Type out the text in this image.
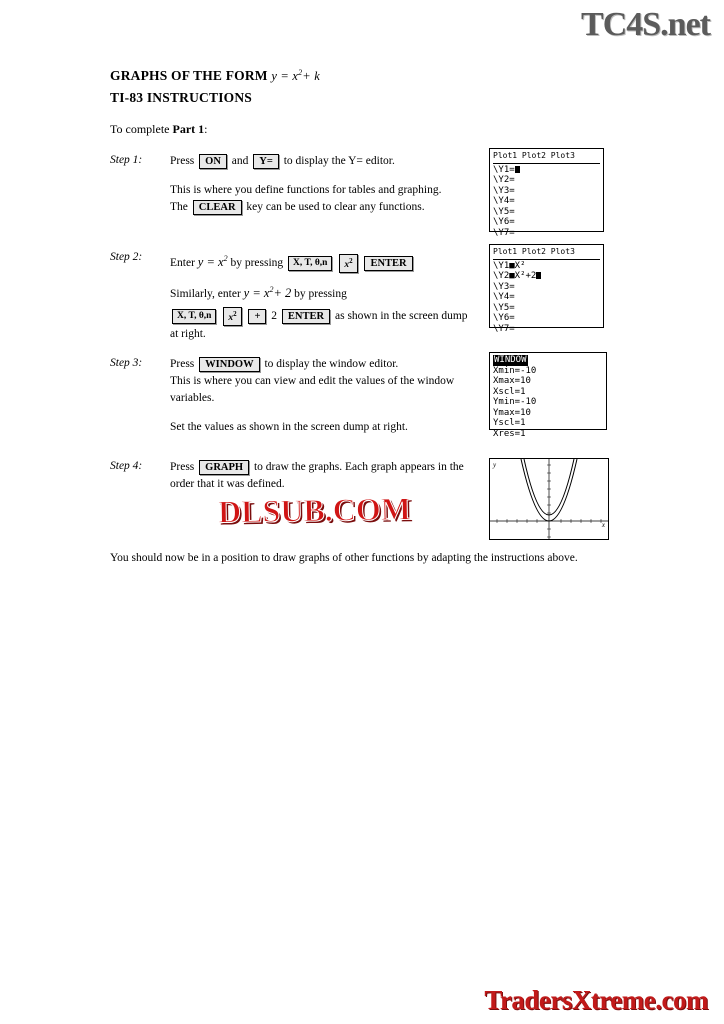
TC4S.net
GRAPHS OF THE FORM $y = x^2+ k$
TI-83 INSTRUCTIONS
To complete Part 1:
Step 1: Press ON and Y= to display the Y= editor.
This is where you define functions for tables and graphing.
The CLEAR key can be used to clear any functions.
Plot1 Plot2 Plot3
\Y1=
\Y2=
\Y3=
\Y4=
\Y5=
\Y6=
\Y7=
Step 2:
Enter $y = x^2$ by pressing X, T, θ,n $x^2$ ENTER
Similarly, enter $y = x^2+ 2$ by pressing
X, T, θ,n $x^2 + 2$ ENTER as shown in the screen dump
at right.
Plot1 Plot2 Plot3
\Y1■X²
\Y2■X²+2
\Y3=
\Y4=
\Y5=
\Y6=
\Y7=
Step 3: Press WINDOW to display the window editor.
This is where you can view and edit the values of the window
variables.
Set the values as shown in the screen dump at right.
WINDOW
Xmin=-10
Xmax=10
Xscl=1
Ymin=-10
Ymax=10
Yscl=1
Xres=1
Step 4: Press GRAPH to draw the graphs. Each graph appears in the
order that it was defined.
y
x
DLSUB.COM
You should now be in a position to draw graphs of other functions by adapting the instructions above.
TradersXtreme.com
